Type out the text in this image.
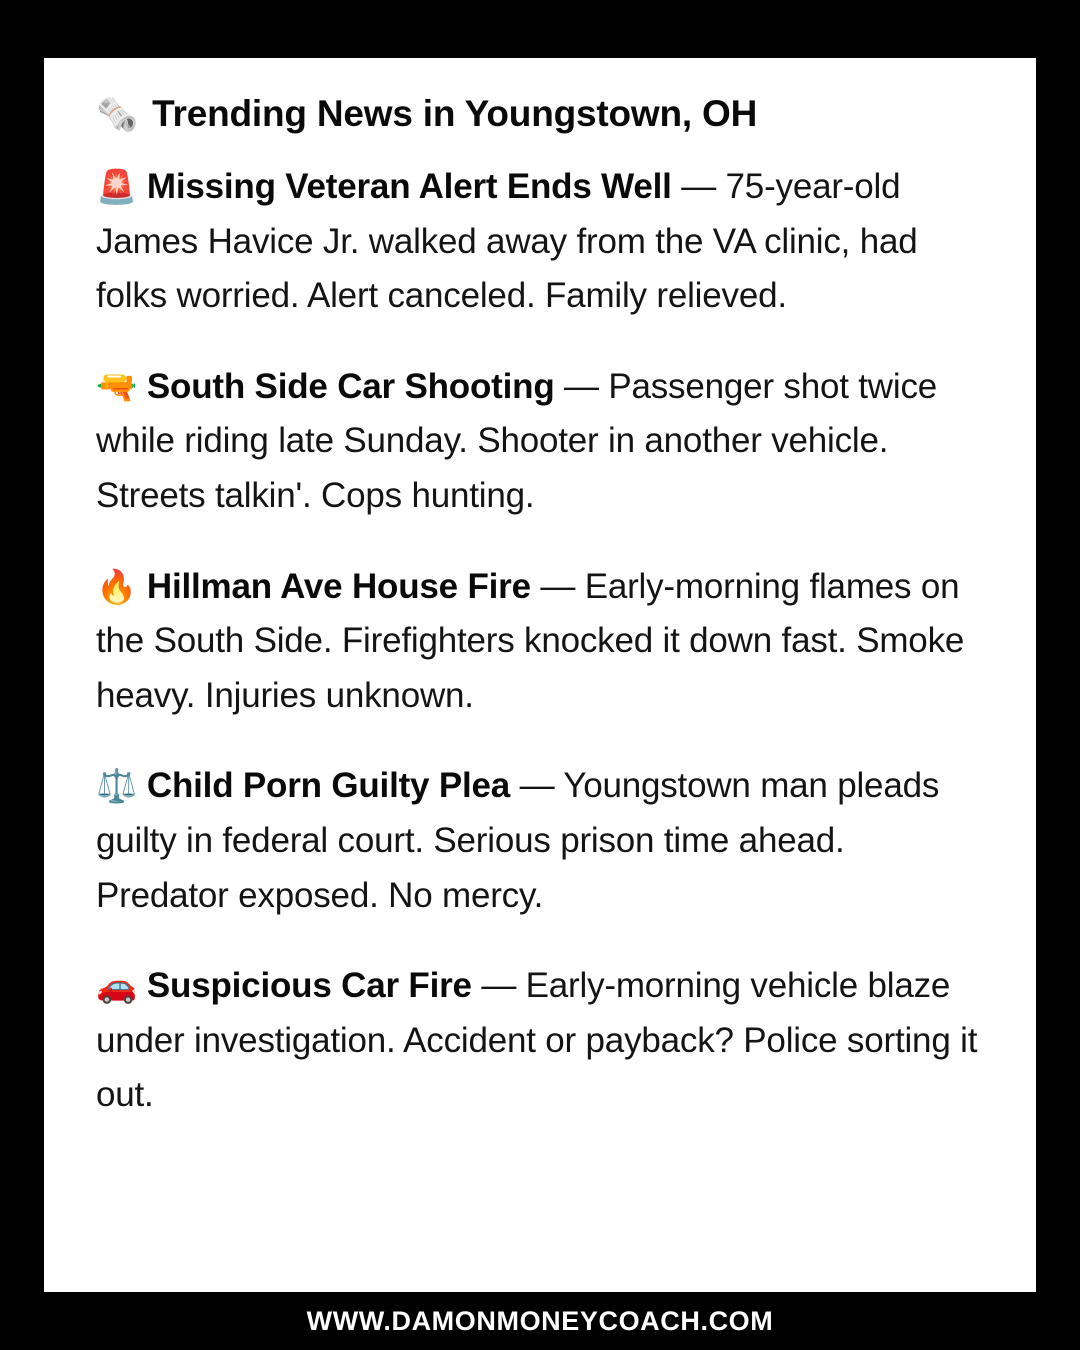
🗞️ Trending News in Youngstown, OH

🚨 Missing Veteran Alert Ends Well — 75-year-old James Havice Jr. walked away from the VA clinic, had folks worried. Alert canceled. Family relieved.

🔫 South Side Car Shooting — Passenger shot twice while riding late Sunday. Shooter in another vehicle. Streets talkin'. Cops hunting.

🔥 Hillman Ave House Fire — Early-morning flames on the South Side. Firefighters knocked it down fast. Smoke heavy. Injuries unknown.

⚖️ Child Porn Guilty Plea — Youngstown man pleads guilty in federal court. Serious prison time ahead. Predator exposed. No mercy.

🚗 Suspicious Car Fire — Early-morning vehicle blaze under investigation. Accident or payback? Police sorting it out.

WWW.DAMONMONEYCOACH.COM
